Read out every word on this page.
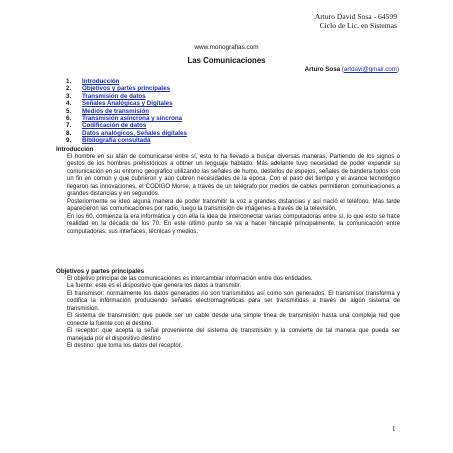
Arturo David Sosa - 64599
Ciclo de Lic. en Sistemas
www.monografias.com
Las Comunicaciones
Arturo Sosa (artdavi@gmail.com)
1.	Introducción
2.	Objetivos y partes principales
3.	Transmisión de datos
4.	Señales Analógicas y Digitales
5.	Medios de transmisión
6.	Transmisión asíncrona y síncrona
7.	Codificación de datos
8.	Datos analógicos, Señales digitales
9.	Bibliografía consultada
Introducción

El hombre en su afán de comunicarse entre sí, esto lo ha llevado a buscar diversas maneras. Partiendo de los signos o gestos de los hombres prehistóricos a obtner un lenguaje hablado. Más adelante tuvo necesidad de poder expandir su comunicación en su entorno geográfico utilizando las señales de humo, destellos de espejos, señales de bandera todos con un fin en común y que cubrieron y aún cubren necesidades de la época. Con el paso del tiempo y el avance tecnológico llegaron las innovaciones, el CODIGO Morse, a través de un telégrafo por medios de cables permitieron comunicaciones a grandes distancias y en segundos.

Posteriormente se ideó alguna manera de poder transmitir la voz a grandes distancias y así nació el teléfono. Más tarde aparecieron las comunicaciones por radio, luego la transmisión de imágenes a través de la televisión.

En los 60, comienza la era informática y con ella la idea de interconectar varias computadoras entre sí, lo que esto se hace realidad en la década de los 70. En este último punto se va a hacer hincapié principalmente, la comunicación entre computadoras, sus interfaces, técnicas y medios.

Objetivos y partes principales

El objetivo principal de las comunicaciones es intercambiar información entre dos entidades.

La fuente: este es el dispositivo que genera los datos a transmitir.

El transmisor: normalmente los datos generados no son transmitidos así como son generados. El transmisor transforma y codifica la información produciendo señales electromagnéticas para ser transmitidas a través de algún sistema de transmisión.

El sistema de transmisión: que puede ser un cable desde una simple línea de transmisión hasta una compleja red que conecte la fuente con el destino.

El receptor: que acepta la señal proveniente del sistema de transmisión y la convierte de tal manera que pueda ser manejada por el dispositivo destino

El destino: que toma los datos del receptor.

1
